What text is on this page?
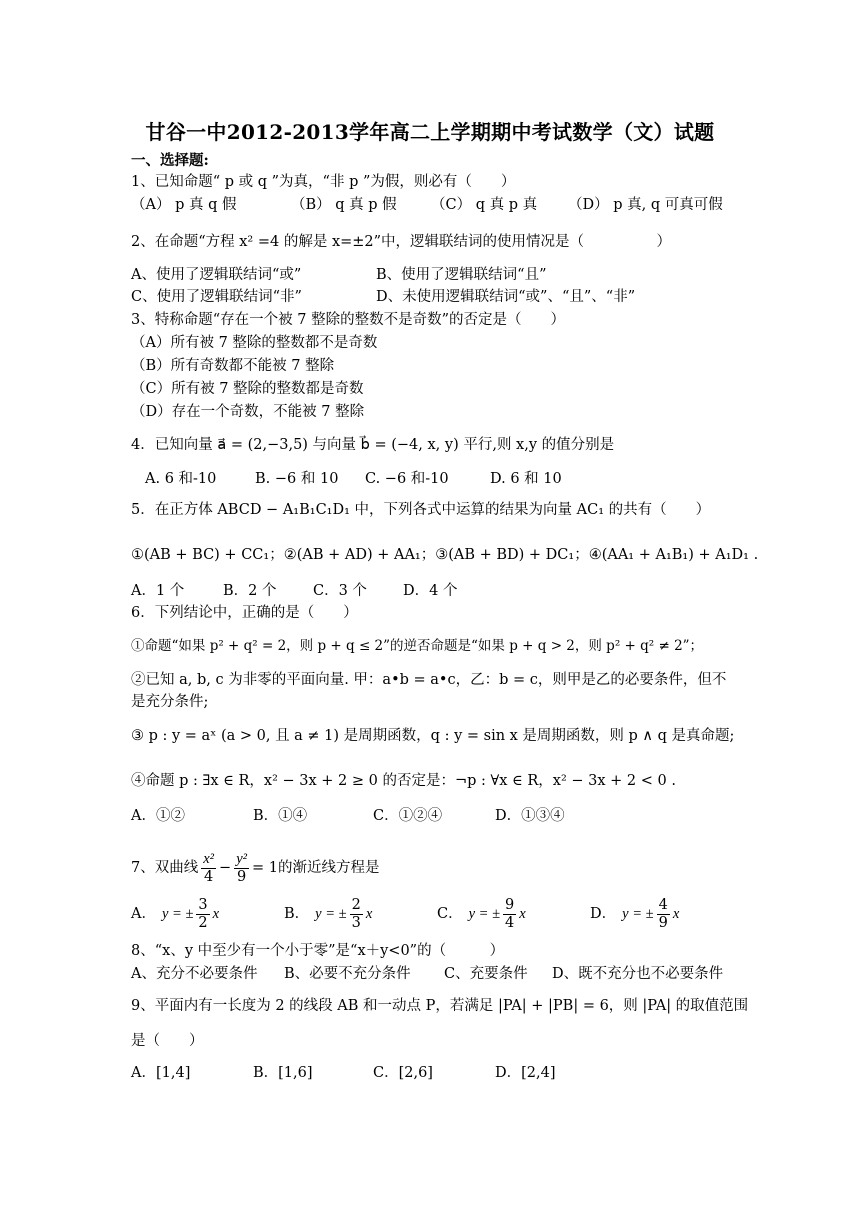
甘谷一中2012-2013学年高二上学期期中考试数学（文）试题
一、选择题:
1、已知命题“ p 或 q ”为真，“非 p ”为假，则必有（　　）
（A） p 真 q 假	（B） q 真 p 假	（C） q 真 p 真	（D） p 真, q 可真可假
2、在命题“方程 x² =4 的解是 x=±2”中，逻辑联结词的使用情况是（　　　　　）
A、使用了逻辑联结词“或”	B、使用了逻辑联结词“且”
C、使用了逻辑联结词“非”	D、未使用逻辑联结词“或”、“且”、“非”
3、特称命题“存在一个被 7 整除的整数不是奇数”的否定是（　　）
（A）所有被 7 整除的整数都不是奇数
（B）所有奇数都不能被 7 整除
（C）所有被 7 整除的整数都是奇数
（D）存在一个奇数，不能被 7 整除
4．已知向量 a⃗ = (2,−3,5) 与向量 b⃗ = (−4, x, y) 平行,则 x,y 的值分别是
A. 6 和-10	B. −6 和 10	C. −6 和-10	D. 6 和 10
5．在正方体 ABCD − A₁B₁C₁D₁ 中，下列各式中运算的结果为向量 AC₁ 的共有（　　）
①(AB + BC) + CC₁；②(AB + AD) + AA₁；③(AB + BD) + DC₁；④(AA₁ + A₁B₁) + A₁D₁ .
A．1 个	B．2 个	C．3 个	D．4 个
6．下列结论中，正确的是（　　）
①命题“如果 p² + q² = 2，则 p + q ≤ 2”的逆否命题是“如果 p + q > 2，则 p² + q² ≠ 2”；
②已知 a, b, c 为非零的平面向量. 甲：a•b = a•c，乙：b = c，则甲是乙的必要条件，但不
是充分条件;
③ p : y = aˣ (a > 0, 且 a ≠ 1) 是周期函数，q : y = sin x 是周期函数，则 p ∧ q 是真命题;
④命题 p : ∃x ∈ R，x² − 3x + 2 ≥ 0 的否定是：¬p : ∀x ∈ R，x² − 3x + 2 < 0 .
A．①②	B．①④	C．①②④	D．①③④
7、双曲线 $\frac{\text{x²}}{4} - \frac{\text{y²}}{9} = 1$ 的渐近线方程是
A． y = ± $\frac{3}{2}$ x	B． y = ± $\frac{2}{3}$ x	C． y = ± $\frac{9}{4}$ x	D． y = ± $\frac{4}{9}$ x
8、“x、y 中至少有一个小于零”是“x＋y<0”的（　　　）
A、充分不必要条件	B、必要不充分条件	C、充要条件	D、既不充分也不必要条件
9、平面内有一长度为 2 的线段 AB 和一动点 P，若满足 |PA| + |PB| = 6，则 |PA| 的取值范围
是（　　）
A．[1,4]	B．[1,6]	C．[2,6]	D．[2,4]
